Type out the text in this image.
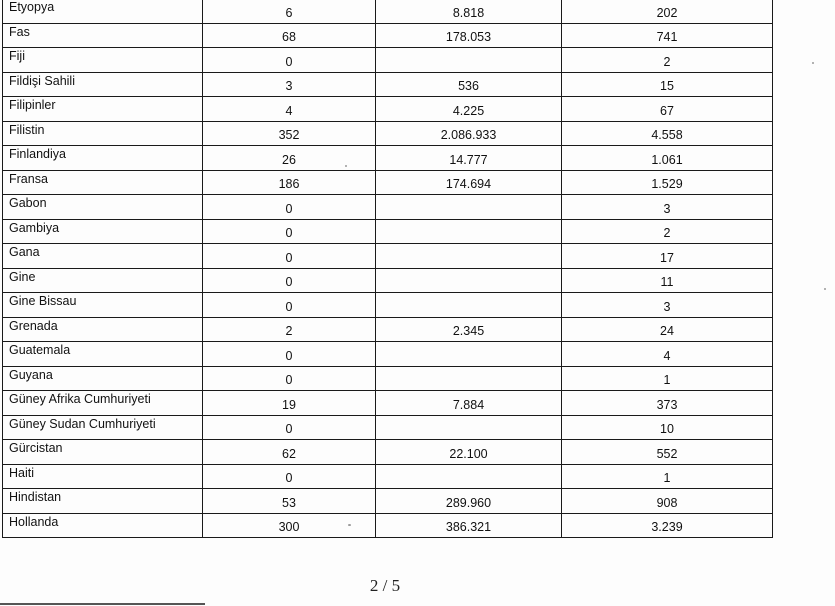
Etyopya	6	8.818	202
Fas	68	178.053	741
Fiji	0		2
Fildişi Sahili	3	536	15
Filipinler	4	4.225	67
Filistin	352	2.086.933	4.558
Finlandiya	26	14.777	1.061
Fransa	186	174.694	1.529
Gabon	0		3
Gambiya	0		2
Gana	0		17
Gine	0		11
Gine Bissau	0		3
Grenada	2	2.345	24
Guatemala	0		4
Guyana	0		1
Güney Afrika Cumhuriyeti	19	7.884	373
Güney Sudan Cumhuriyeti	0		10
Gürcistan	62	22.100	552
Haiti	0		1
Hindistan	53	289.960	908
Hollanda	300	386.321	3.239
2 / 5
